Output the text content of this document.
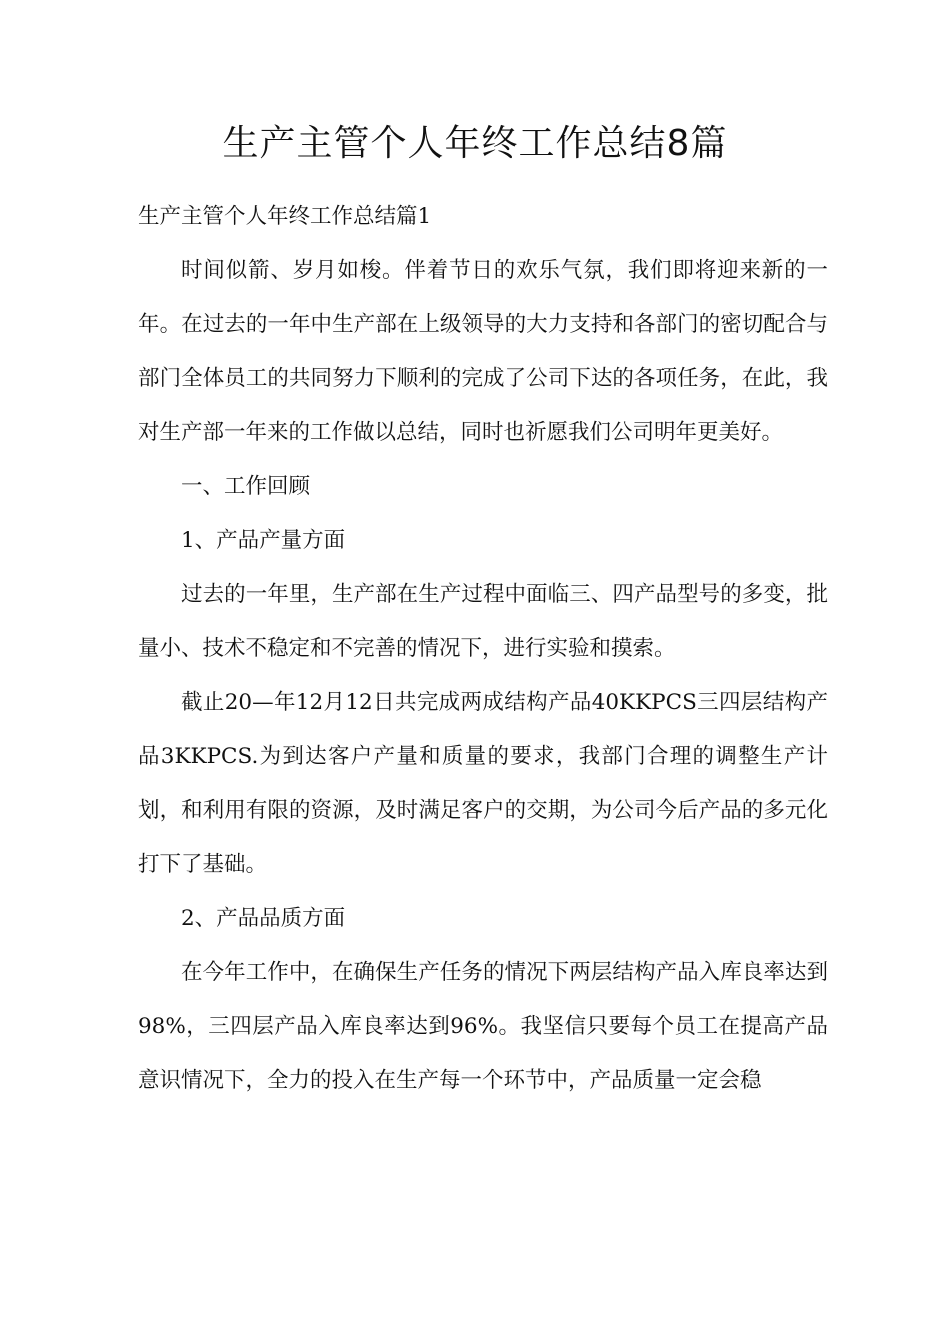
生产主管个人年终工作总结8篇

生产主管个人年终工作总结篇1

时间似箭、岁月如梭。伴着节日的欢乐气氛，我们即将迎来新的一年。在过去的一年中生产部在上级领导的大力支持和各部门的密切配合与部门全体员工的共同努力下顺利的完成了公司下达的各项任务，在此，我对生产部一年来的工作做以总结，同时也祈愿我们公司明年更美好。

一、工作回顾

1、产品产量方面

过去的一年里，生产部在生产过程中面临三、四产品型号的多变，批量小、技术不稳定和不完善的情况下，进行实验和摸索。

截止20—年12月12日共完成两成结构产品40KKPCS三四层结构产品3KKPCS.为到达客户产量和质量的要求，我部门合理的调整生产计划，和利用有限的资源，及时满足客户的交期，为公司今后产品的多元化打下了基础。

2、产品品质方面

在今年工作中，在确保生产任务的情况下两层结构产品入库良率达到98%，三四层产品入库良率达到96%。我坚信只要每个员工在提高产品意识情况下，全力的投入在生产每一个环节中，产品质量一定会稳
